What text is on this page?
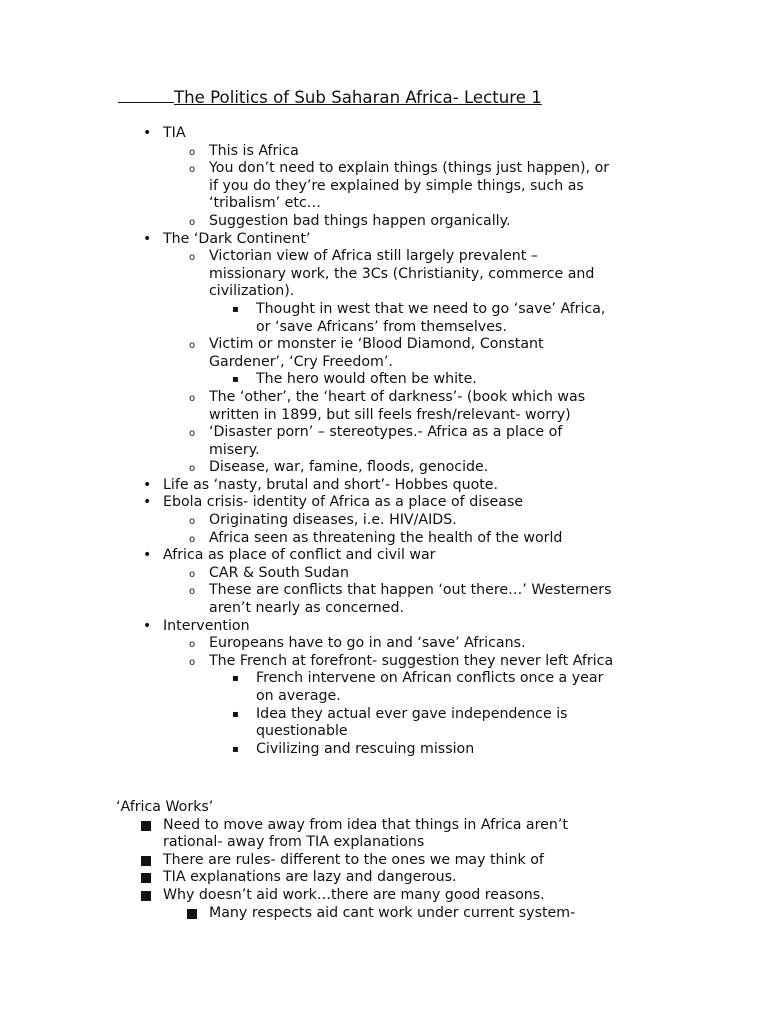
The Politics of Sub Saharan Africa- Lecture 1
• TIA
o This is Africa
o You don’t need to explain things (things just happen), or
if you do they’re explained by simple things, such as
‘tribalism’ etc…
o Suggestion bad things happen organically.
• The ‘Dark Continent’
o Victorian view of Africa still largely prevalent –
missionary work, the 3Cs (Christianity, commerce and
civilization).
▪ Thought in west that we need to go ‘save’ Africa,
or ‘save Africans’ from themselves.
o Victim or monster ie ‘Blood Diamond, Constant
Gardener’, ‘Cry Freedom’.
▪ The hero would often be white.
o The ‘other’, the ‘heart of darkness’- (book which was
written in 1899, but sill feels fresh/relevant- worry)
o ‘Disaster porn’ – stereotypes.- Africa as a place of
misery.
o Disease, war, famine, floods, genocide.
• Life as ‘nasty, brutal and short’- Hobbes quote.
• Ebola crisis- identity of Africa as a place of disease
o Originating diseases, i.e. HIV/AIDS.
o Africa seen as threatening the health of the world
• Africa as place of conflict and civil war
o CAR & South Sudan
o These are conflicts that happen ‘out there…’ Westerners
aren’t nearly as concerned.
• Intervention
o Europeans have to go in and ‘save’ Africans.
o The French at forefront- suggestion they never left Africa
▪ French intervene on African conflicts once a year
on average.
▪ Idea they actual ever gave independence is
questionable
▪ Civilizing and rescuing mission
‘Africa Works’
Need to move away from idea that things in Africa aren’t
rational- away from TIA explanations
There are rules- different to the ones we may think of
TIA explanations are lazy and dangerous.
Why doesn’t aid work…there are many good reasons.
Many respects aid cant work under current system-
